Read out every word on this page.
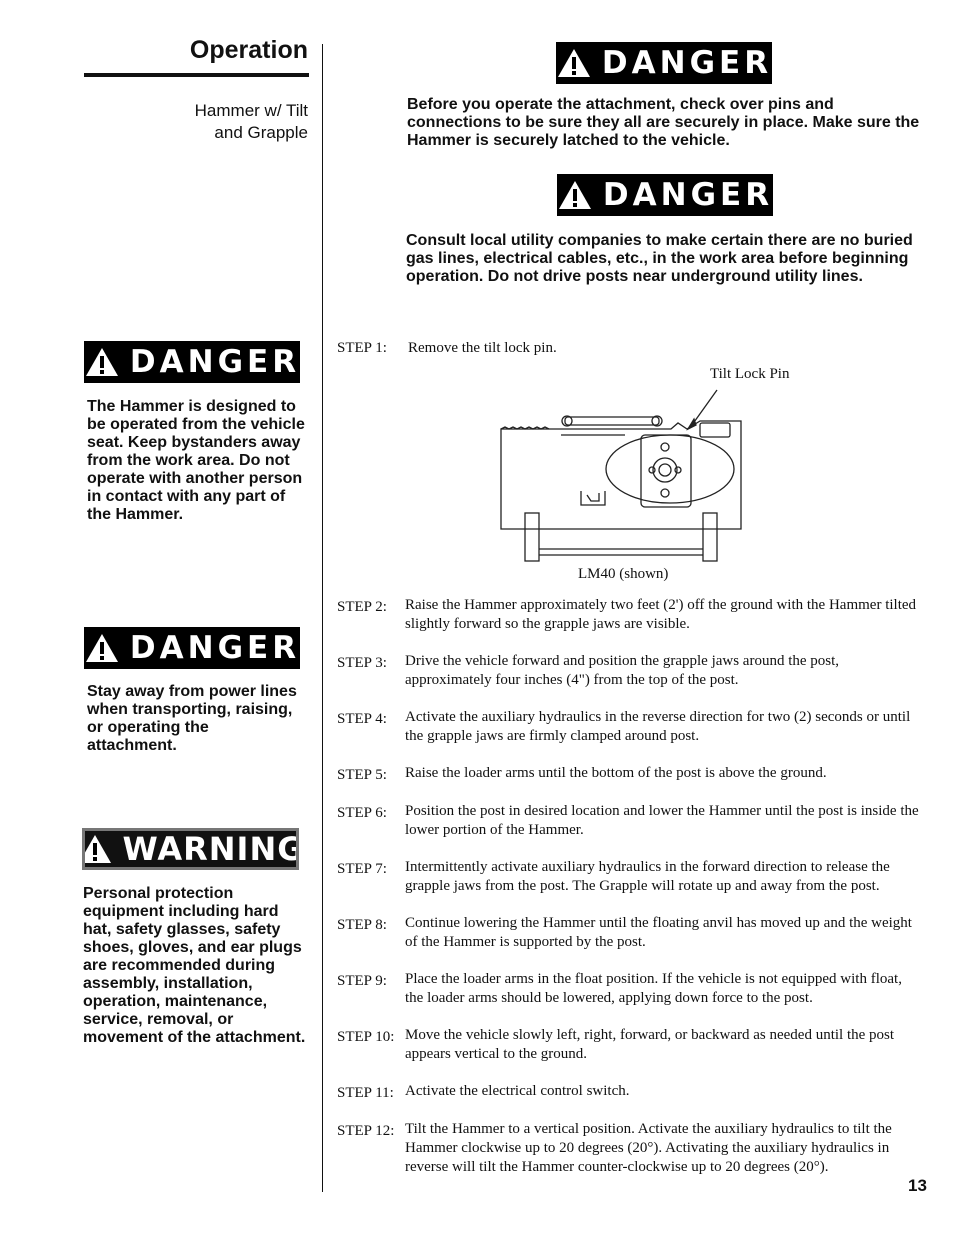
Operation
Hammer w/ Tilt
and Grapple
DANGER
Before you operate the attachment, check over pins and connections to be sure they all are securely in place. Make sure the Hammer is securely latched to the vehicle.
DANGER
Consult local utility companies to make certain there are no buried gas lines, electrical cables, etc., in the work area before beginning operation. Do not drive posts near underground utility lines.
DANGER
The Hammer is designed to be operated from the vehicle seat. Keep bystanders away from the work area. Do not operate with another person in contact with any part of the Hammer.
DANGER
Stay away from power lines when transporting, raising, or operating the attachment.
WARNING
Personal protection equipment including hard hat, safety glasses, safety shoes, gloves, and ear plugs are recommended during assembly, installation, operation, maintenance, service, removal, or movement of the attachment.
STEP 1: Remove the tilt lock pin.
Tilt Lock Pin
LM40 (shown)
STEP 2:	Raise the Hammer approximately two feet (2') off the ground with the Hammer tilted slightly forward so the grapple jaws are visible.
STEP 3:	Drive the vehicle forward and position the grapple jaws around the post, approximately four inches (4") from the top of the post.
STEP 4:	Activate the auxiliary hydraulics in the reverse direction for two (2) seconds or until the grapple jaws are firmly clamped around post.
STEP 5:	Raise the loader arms until the bottom of the post is above the ground.
STEP 6:	Position the post in desired location and lower the Hammer until the post is inside the lower portion of the Hammer.
STEP 7:	Intermittently activate auxiliary hydraulics in the forward direction to release the grapple jaws from the post. The Grapple will rotate up and away from the post.
STEP 8:	Continue lowering the Hammer until the floating anvil has moved up and the weight of the Hammer is supported by the post.
STEP 9:	Place the loader arms in the float position. If the vehicle is not equipped with float, the loader arms should be lowered, applying down force to the post.
STEP 10: Move the vehicle slowly left, right, forward, or backward as needed until the post appears vertical to the ground.
STEP 11: Activate the electrical control switch.
STEP 12: Tilt the Hammer to a vertical position. Activate the auxiliary hydraulics to tilt the Hammer clockwise up to 20 degrees (20°). Activating the auxiliary hydraulics in reverse will tilt the Hammer counter-clockwise up to 20 degrees (20°).
13
